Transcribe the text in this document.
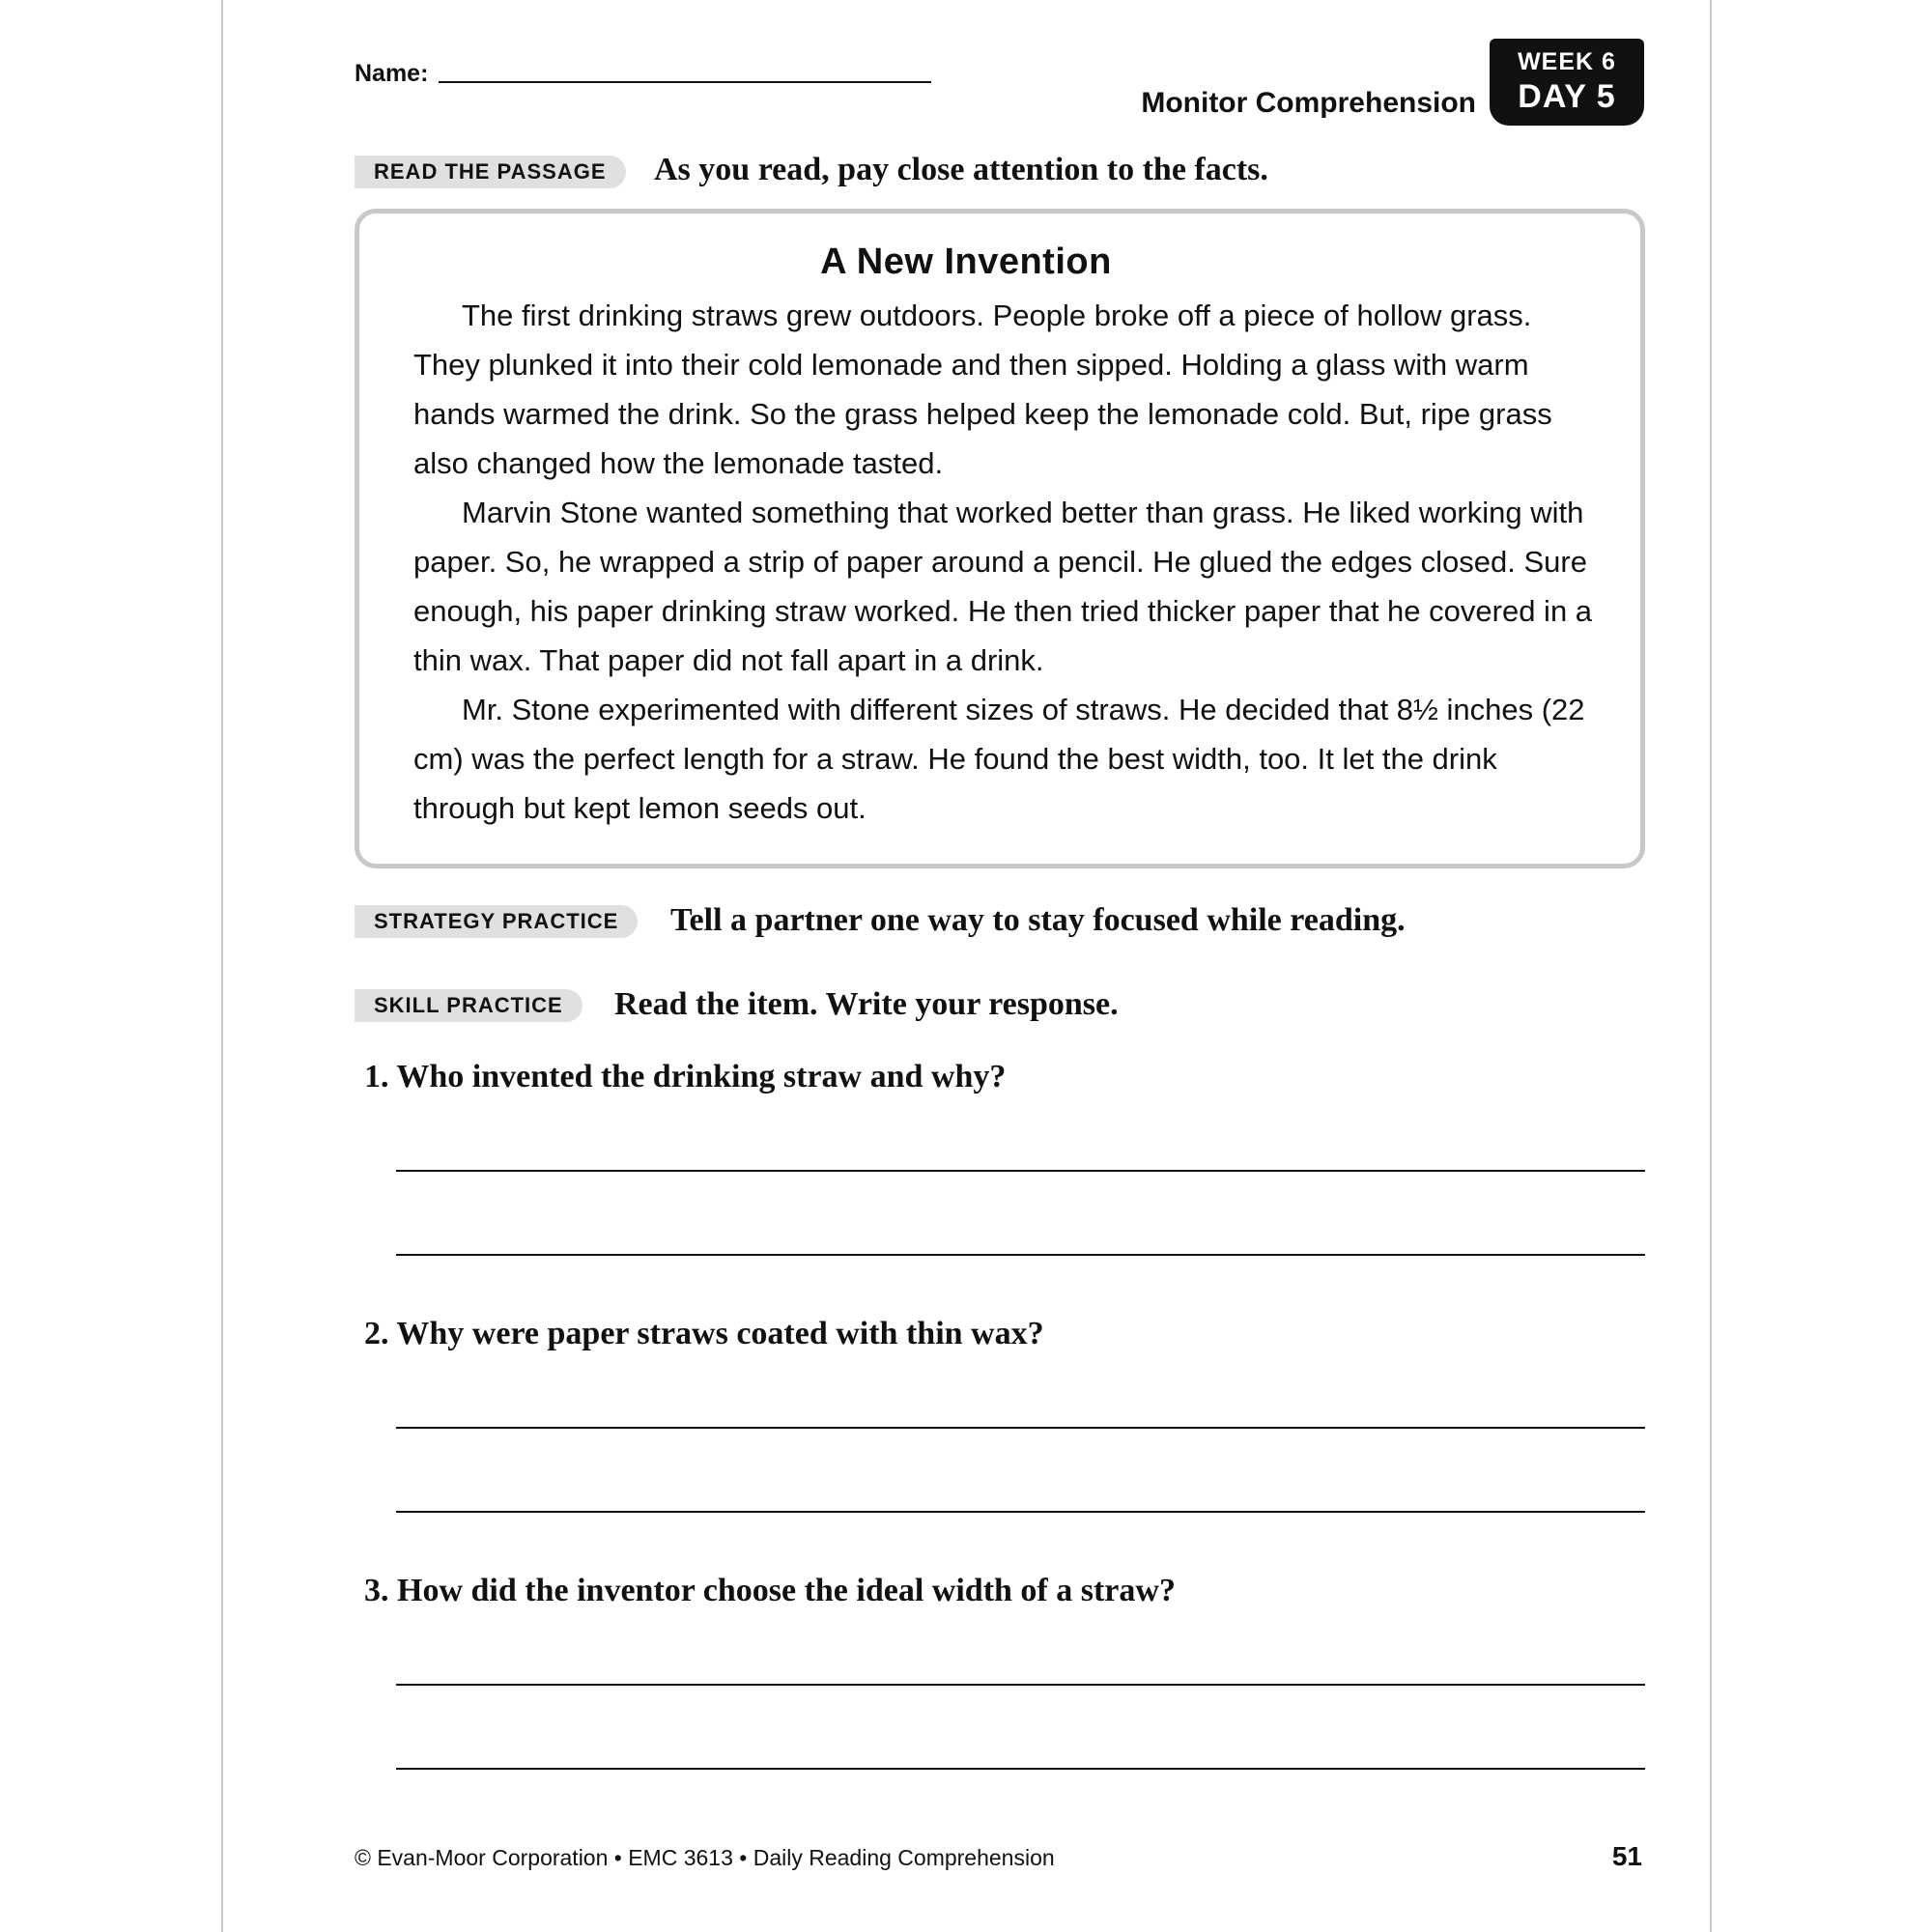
Name:
Monitor Comprehension
WEEK 6
DAY 5
READ THE PASSAGE	As you read, pay close attention to the facts.
A New Invention

The first drinking straws grew outdoors. People broke off a piece of hollow grass. They plunked it into their cold lemonade and then sipped. Holding a glass with warm hands warmed the drink. So the grass helped keep the lemonade cold. But, ripe grass also changed how the lemonade tasted.

Marvin Stone wanted something that worked better than grass. He liked working with paper. So, he wrapped a strip of paper around a pencil. He glued the edges closed. Sure enough, his paper drinking straw worked. He then tried thicker paper that he covered in a thin wax. That paper did not fall apart in a drink.

Mr. Stone experimented with different sizes of straws. He decided that 8½ inches (22 cm) was the perfect length for a straw. He found the best width, too. It let the drink through but kept lemon seeds out.

STRATEGY PRACTICE	Tell a partner one way to stay focused while reading.
SKILL PRACTICE	Read the item. Write your response.
1. Who invented the drinking straw and why?
2. Why were paper straws coated with thin wax?
3. How did the inventor choose the ideal width of a straw?
© Evan-Moor Corporation • EMC 3613 • Daily Reading Comprehension	51
